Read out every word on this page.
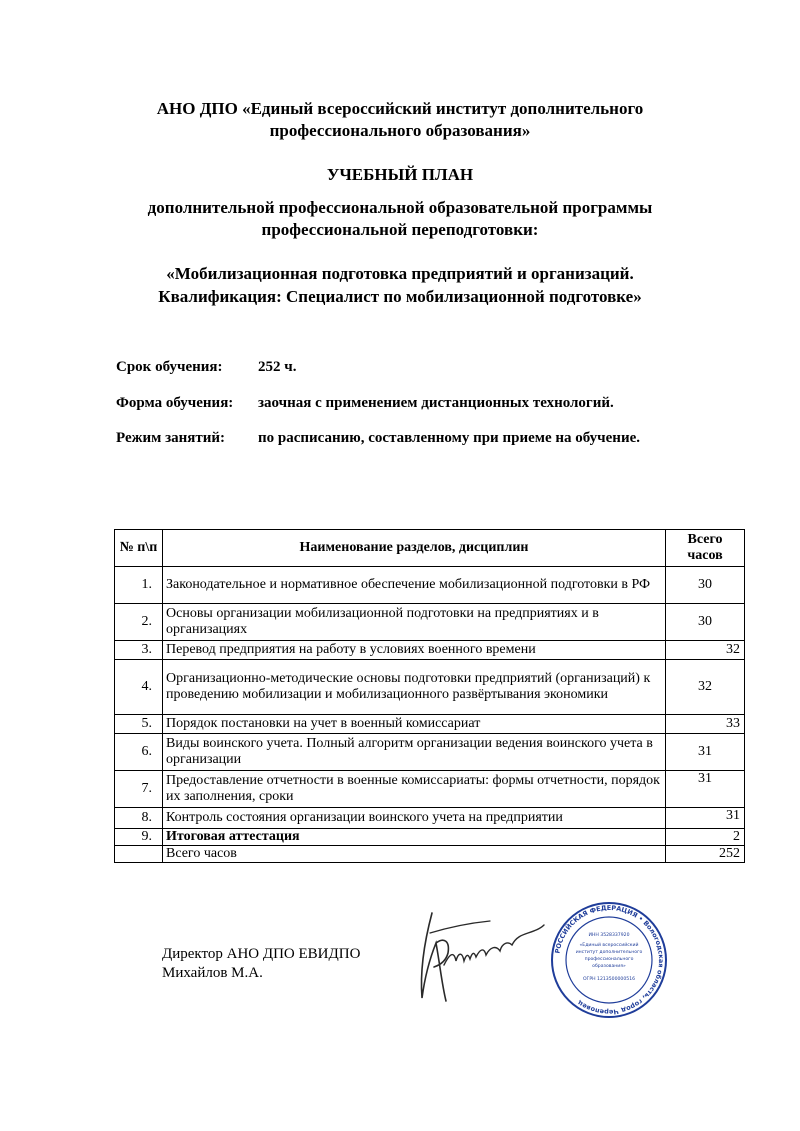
АНО ДПО «Единый всероссийский институт дополнительного
профессионального образования»
УЧЕБНЫЙ ПЛАН
дополнительной профессиональной образовательной программы
профессиональной переподготовки:
«Мобилизационная подготовка предприятий и организаций.
Квалификация: Специалист по мобилизационной подготовке»
Срок обучения: 252 ч.
Форма обучения: заочная с применением дистанционных технологий.
Режим занятий: по расписанию, составленному при приеме на обучение.
№ п\п	Наименование разделов, дисциплин	Всего
часов

1.	Законодательное и нормативное обеспечение мобилизационной подготовки в РФ	30
2.	Основы организации мобилизационной подготовки на предприятиях и в организациях	30
3.	Перевод предприятия на работу в условиях военного времени	32
4.	Организационно-методические основы подготовки предприятий (организаций) к проведению мобилизации и мобилизационного развёртывания экономики	32
5.	Порядок постановки на учет в военный комиссариат	33
6.	Виды воинского учета. Полный алгоритм организации ведения воинского учета в организации	31
7.	Предоставление отчетности в военные комиссариаты: формы отчетности, порядок их заполнения, сроки	31
8.	Контроль состояния организации воинского учета на предприятии	31
9.	Итоговая аттестация	2
	Всего часов	252
Директор АНО ДПО ЕВИДПО
Михайлов М.А.
РОССИЙСКАЯ ФЕДЕРАЦИЯ • Вологодская область, город Череповец
ИНН 3528337920
«Единый всероссийский
институт дополнительного
профессионального
образования»
ОГРН 1213500000516
